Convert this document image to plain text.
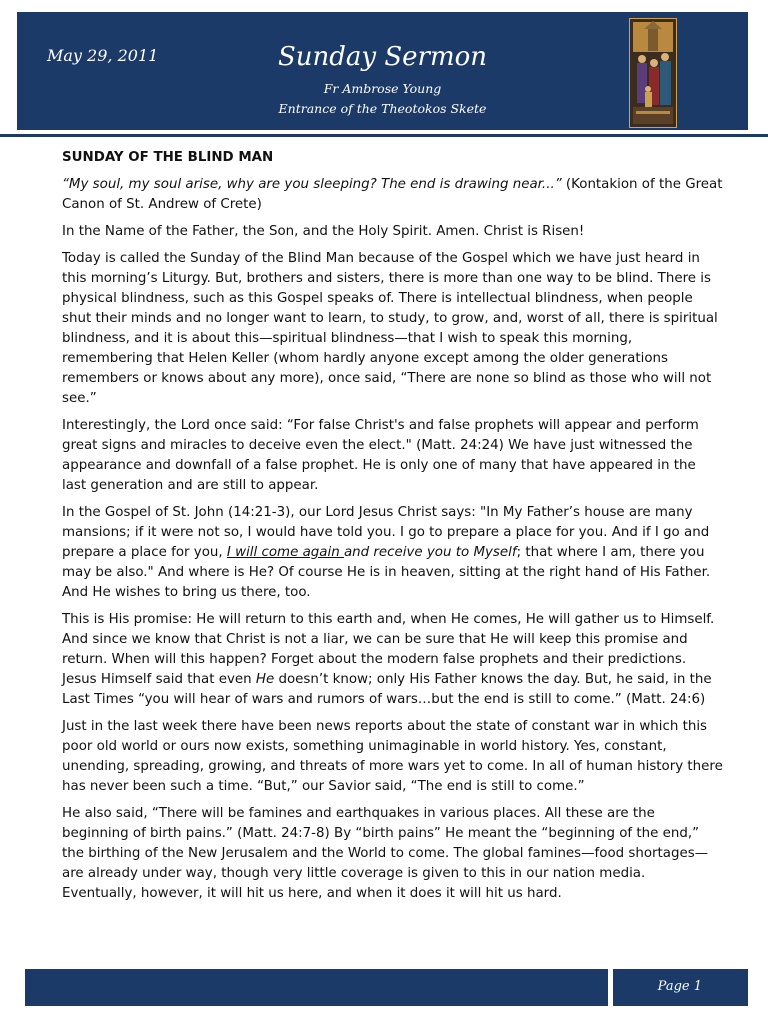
May 29, 2011	Sunday Sermon
Fr Ambrose Young
Entrance of the Theotokos Skete
SUNDAY OF THE BLIND MAN

“My soul, my soul arise, why are you sleeping? The end is drawing near...” (Kontakion of the Great Canon of St. Andrew of Crete)

In the Name of the Father, the Son, and the Holy Spirit. Amen. Christ is Risen!

Today is called the Sunday of the Blind Man because of the Gospel which we have just heard in this morning’s Liturgy. But, brothers and sisters, there is more than one way to be blind. There is physical blindness, such as this Gospel speaks of. There is intellectual blindness, when people shut their minds and no longer want to learn, to study, to grow, and, worst of all, there is spiritual blindness, and it is about this—spiritual blindness—that I wish to speak this morning, remembering that Helen Keller (whom hardly anyone except among the older generations remembers or knows about any more), once said, “There are none so blind as those who will not see.”

Interestingly, the Lord once said: “For false Christ's and false prophets will appear and perform great signs and miracles to deceive even the elect." (Matt. 24:24) We have just witnessed the appearance and downfall of a false prophet. He is only one of many that have appeared in the last generation and are still to appear.

In the Gospel of St. John (14:21-3), our Lord Jesus Christ says: "In My Father’s house are many mansions; if it were not so, I would have told you. I go to prepare a place for you. And if I go and prepare a place for you, I will come again and receive you to Myself; that where I am, there you may be also." And where is He? Of course He is in heaven, sitting at the right hand of His Father. And He wishes to bring us there, too.

This is His promise: He will return to this earth and, when He comes, He will gather us to Himself. And since we know that Christ is not a liar, we can be sure that He will keep this promise and return. When will this happen? Forget about the modern false prophets and their predictions. Jesus Himself said that even He doesn’t know; only His Father knows the day. But, he said, in the Last Times “you will hear of wars and rumors of wars…but the end is still to come.” (Matt. 24:6)

Just in the last week there have been news reports about the state of constant war in which this poor old world or ours now exists, something unimaginable in world history. Yes, constant, unending, spreading, growing, and threats of more wars yet to come. In all of human history there has never been such a time. “But,” our Savior said, “The end is still to come.”

He also said, “There will be famines and earthquakes in various places. All these are the beginning of birth pains.” (Matt. 24:7-8) By “birth pains” He meant the “beginning of the end,” the birthing of the New Jerusalem and the World to come. The global famines—food shortages—are already under way, though very little coverage is given to this in our nation media. Eventually, however, it will hit us here, and when it does it will hit us hard.

Page 1
